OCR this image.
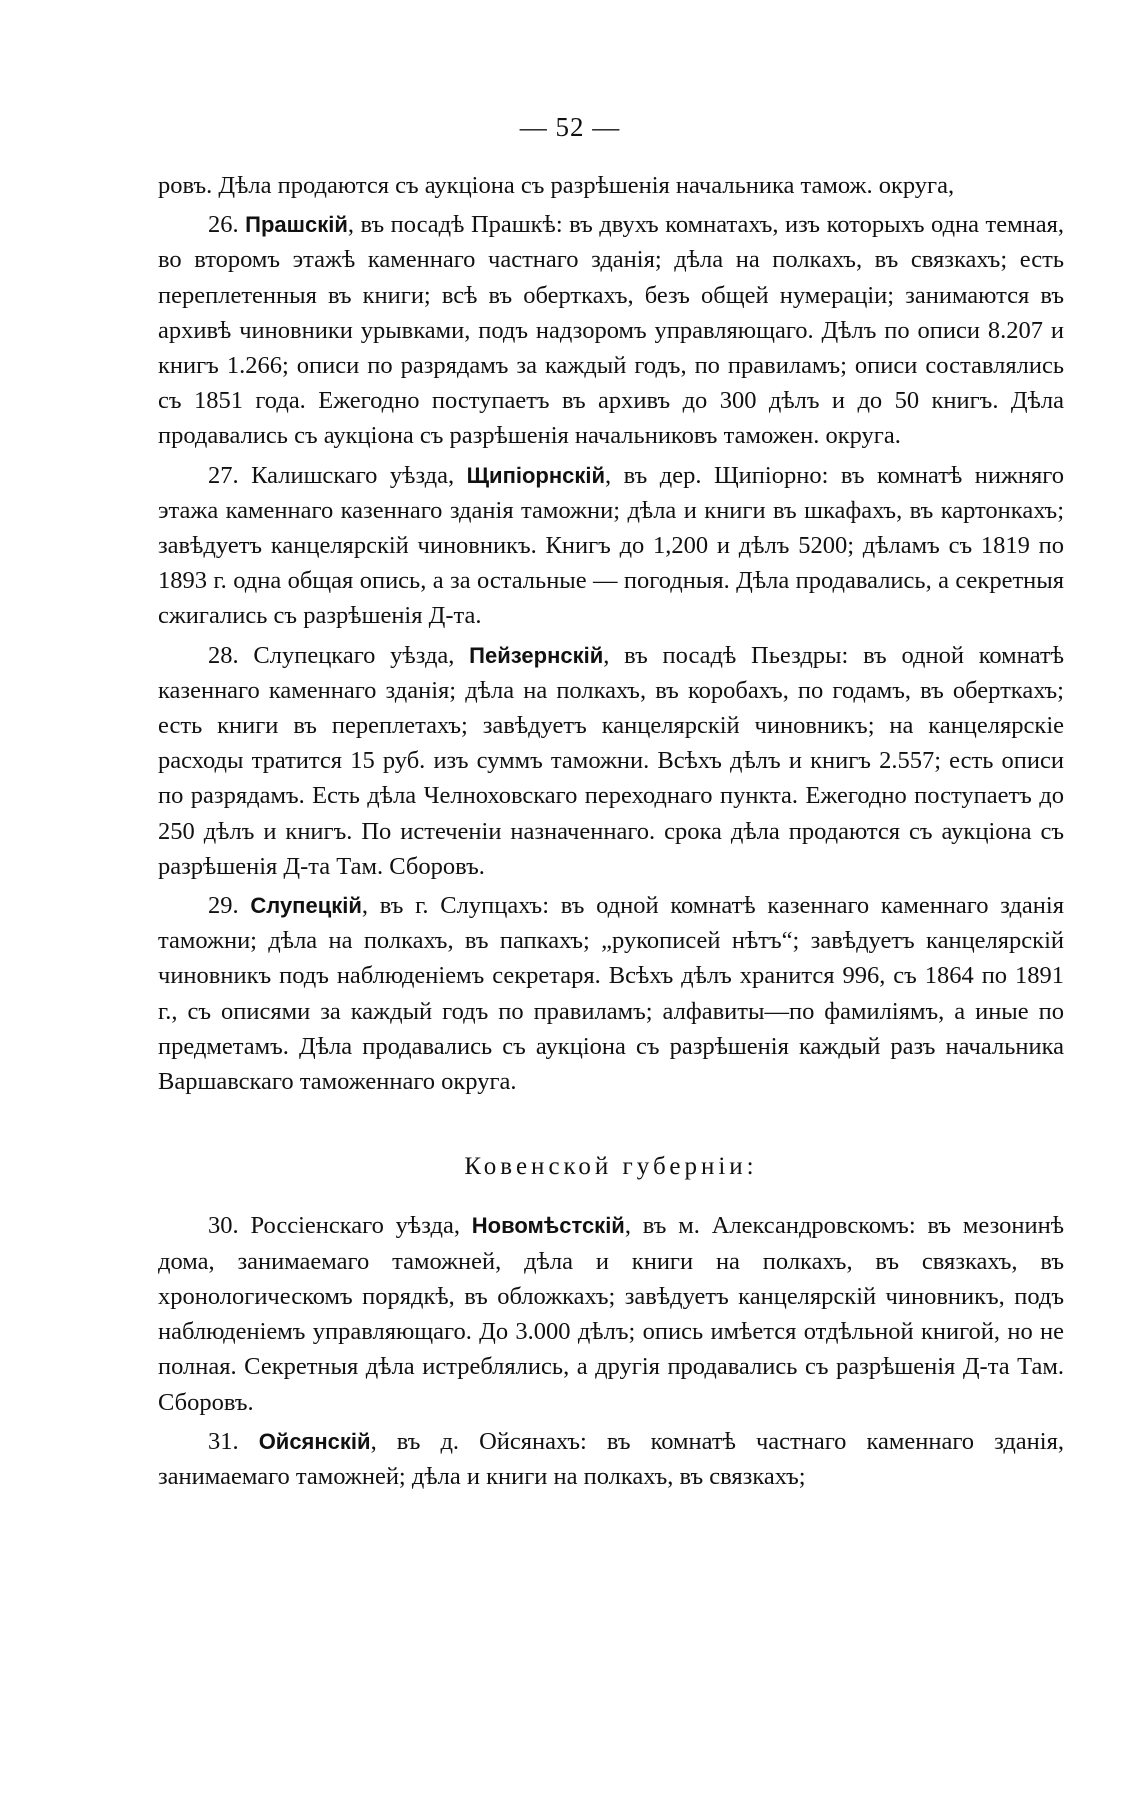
— 52 —

ровъ. Дѣла продаются съ аукціона съ разрѣшенія начальника тамож. округа,

26. Прашскій, въ посадѣ Прашкѣ: въ двухъ комнатахъ, изъ которыхъ одна темная, во второмъ этажѣ каменнаго частнаго зданія; дѣла на полкахъ, въ связкахъ; есть переплетенныя въ книги; всѣ въ оберткахъ, безъ общей нумераціи; занимаются въ архивѣ чиновники урывками, подъ надзоромъ управляющаго. Дѣлъ по описи 8.207 и книгъ 1.266; описи по разрядамъ за каждый годъ, по правиламъ; описи составлялись съ 1851 года. Ежегодно поступаетъ въ архивъ до 300 дѣлъ и до 50 книгъ. Дѣла продавались съ аукціона съ разрѣшенія начальниковъ таможен. округа.

27. Калишскаго уѣзда, Щипіорнскій, въ дер. Щипіорно: въ комнатѣ нижняго этажа каменнаго казеннаго зданія таможни; дѣла и книги въ шкафахъ, въ картонкахъ; завѣдуетъ канцелярскій чиновникъ. Книгъ до 1,200 и дѣлъ 5200; дѣламъ съ 1819 по 1893 г. одна общая опись, а за остальные — погодныя. Дѣла продавались, а секретныя сжигались съ разрѣшенія Д-та.

28. Слупецкаго уѣзда, Пейзернскій, въ посадѣ Пьездры: въ одной комнатѣ казеннаго каменнаго зданія; дѣла на полкахъ, въ коробахъ, по годамъ, въ оберткахъ; есть книги въ переплетахъ; завѣдуетъ канцелярскій чиновникъ; на канцелярскіе расходы тратится 15 руб. изъ суммъ таможни. Всѣхъ дѣлъ и книгъ 2.557; есть описи по разрядамъ. Есть дѣла Челноховскаго переходнаго пункта. Ежегодно поступаетъ до 250 дѣлъ и книгъ. По истеченіи назначеннаго. срока дѣла продаются съ аукціона съ разрѣшенія Д-та Там. Сборовъ.

29. Слупецкій, въ г. Слупцахъ: въ одной комнатѣ казеннаго каменнаго зданія таможни; дѣла на полкахъ, въ папкахъ; „рукописей нѣтъ“; завѣдуетъ канцелярскій чиновникъ подъ наблюденіемъ секретаря. Всѣхъ дѣлъ хранится 996, съ 1864 по 1891 г., съ описями за каждый годъ по правиламъ; алфавиты—по фамиліямъ, а иные по предметамъ. Дѣла продавались съ аукціона съ разрѣшенія каждый разъ начальника Варшавскаго таможеннаго округа.

Ковенской губерніи:

30. Россіенскаго уѣзда, Новомѣстскій, въ м. Александровскомъ: въ мезонинѣ дома, занимаемаго таможней, дѣла и книги на полкахъ, въ связкахъ, въ хронологическомъ порядкѣ, въ обложкахъ; завѣдуетъ канцелярскій чиновникъ, подъ наблюденіемъ управляющаго. До 3.000 дѣлъ; опись имѣется отдѣльной книгой, но не полная. Секретныя дѣла истреблялись, а другія продавались съ разрѣшенія Д-та Там. Сборовъ.

31. Ойсянскій, въ д. Ойсянахъ: въ комнатѣ частнаго каменнаго зданія, занимаемаго таможней; дѣла и книги на полкахъ, въ связкахъ;
